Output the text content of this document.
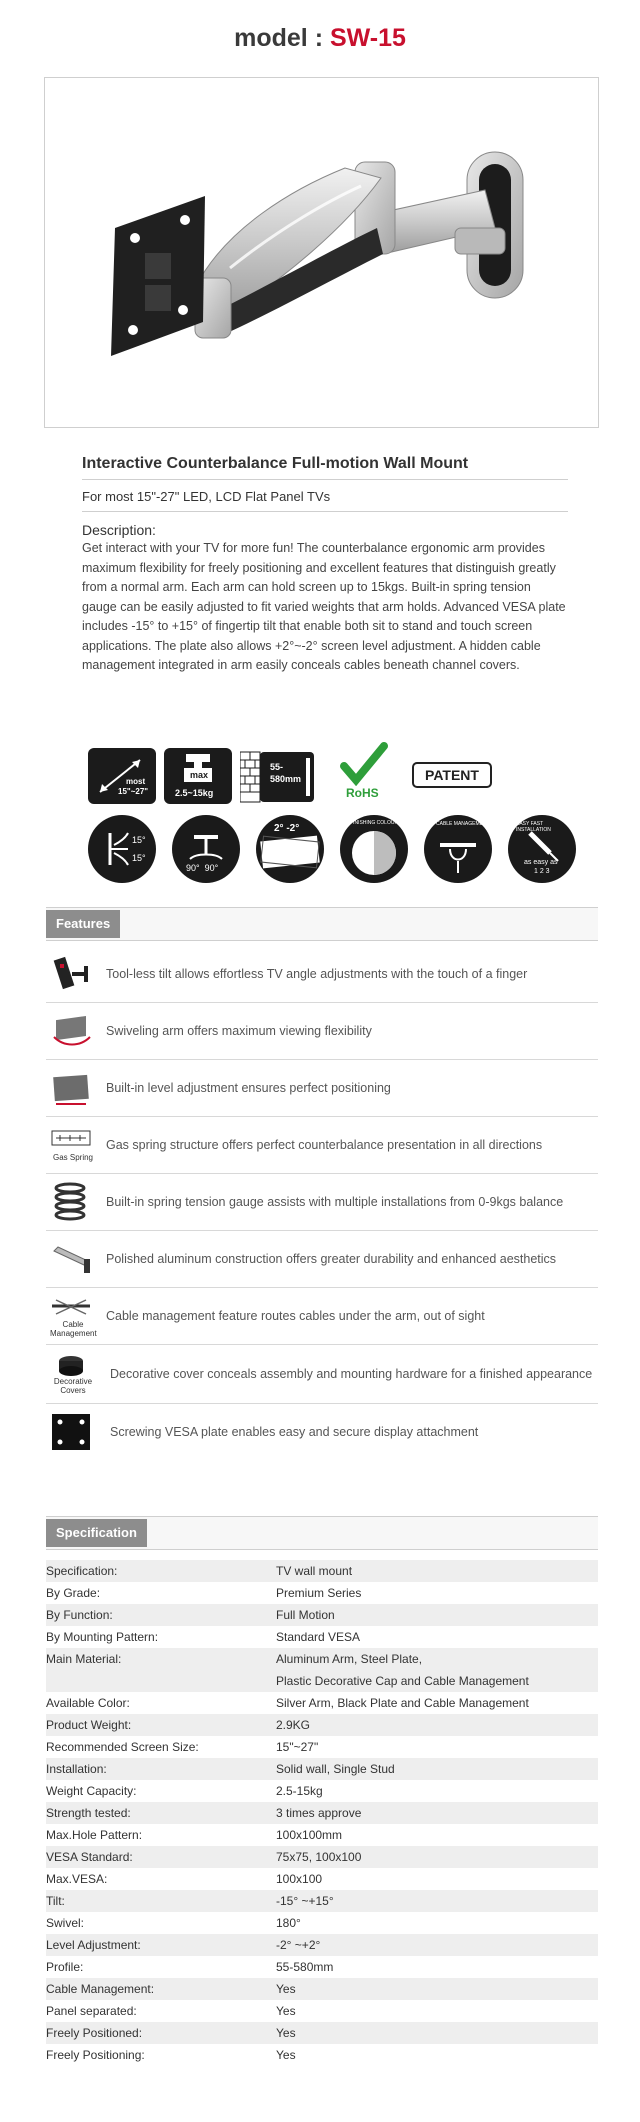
model : SW-15
Interactive Counterbalance Full-motion Wall Mount

For most 15"-27" LED, LCD Flat Panel TVs

Description:

Get interact with your TV for more fun! The counterbalance ergonomic arm provides maximum flexibility for freely positioning and excellent features that distinguish greatly from a normal arm. Each arm can hold screen up to 15kgs. Built-in spring tension gauge can be easily adjusted to fit varied weights that arm holds. Advanced VESA plate includes -15° to +15° of fingertip tilt that enable both sit to stand and touch screen applications. The plate also allows +2°~-2° screen level adjustment. A hidden cable management integrated in arm easily conceals cables beneath channel covers.

most
15"~27"
max
2.5~15kg
55-
580mm
RoHS
PATENT
15°
15°
90°  90°
2° -2°	FINISHING COLOUR	CABLE MANAGEMENT	EASY FAST INSTALLATION
as easy as
1 2 3
Features
Tool-less tilt allows effortless TV angle adjustments with the touch of a finger
Swiveling arm offers maximum viewing flexibility
Built-in level adjustment ensures perfect positioning
Gas Spring
Gas spring structure offers perfect counterbalance presentation in all directions
Built-in spring tension gauge assists with multiple installations from 0-9kgs balance
Polished aluminum construction offers greater durability and enhanced aesthetics
Cable Management
Cable management feature routes cables under the arm, out of sight
Decorative Covers
Decorative cover conceals assembly and mounting hardware for a finished appearance
Screwing VESA plate enables easy and secure display attachment
Specification
Specification:	TV wall mount
By Grade:	Premium Series
By Function:	Full Motion
By Mounting Pattern:	Standard VESA
Main Material:	Aluminum Arm, Steel Plate,
Plastic Decorative Cap and Cable Management
Available Color:	Silver Arm, Black Plate and Cable Management
Product Weight:	2.9KG
Recommended Screen Size:	15"~27"
Installation:	Solid wall, Single Stud
Weight Capacity:	2.5-15kg
Strength tested:	3 times approve
Max.Hole Pattern:	100x100mm
VESA Standard:	75x75, 100x100
Max.VESA:	100x100
Tilt:	-15° ~+15°
Swivel:	180°
Level Adjustment:	-2° ~+2°
Profile:	55-580mm
Cable Management:	Yes
Panel separated:	Yes
Freely Positioned:	Yes
Freely Positioning:	Yes
